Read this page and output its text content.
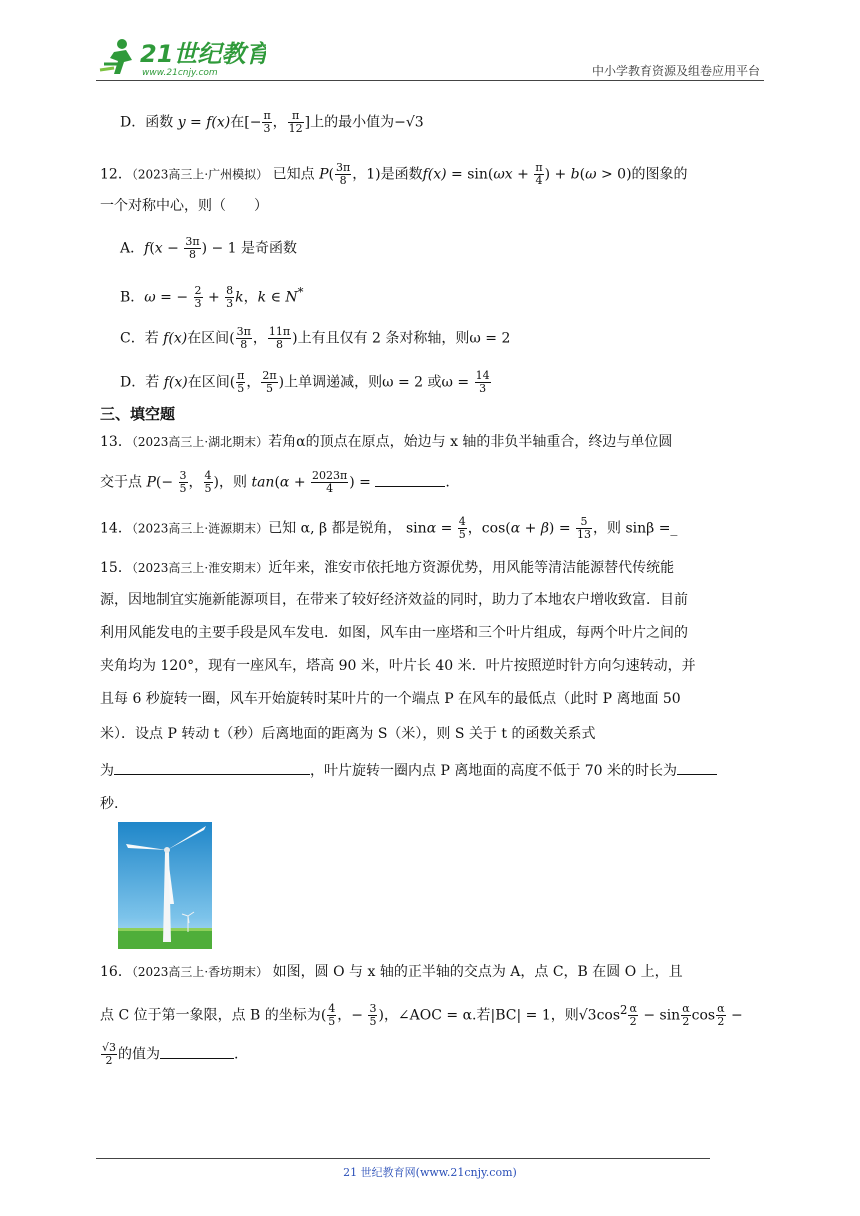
21世纪教育
www.21cnjy.com	中小学教育资源及组卷应用平台
D．函数 y = f(x)在[− $\frac{\pi}{3}$ ， $\frac{\pi}{12}$ ]上的最小值为−√3
12．（2023高三上·广州模拟） 已知点 $P( \frac{3\pi}{8}$ ，1)是函数$f(x) = \sin(\omega x + \frac{\pi}{4}$ ) + b(ω > 0)的图象的
一个对称中心，则（　　）
A．$f(x - \frac{3\pi}{8}$ ) − 1 是奇函数
B．ω = − $\frac{2}{3} + \frac{8}{3}$ k，k ∈ N*
C．若 f(x)在区间( $\frac{3\pi}{8}$ ， $\frac{11\pi}{8}$ )上有且仅有 2 条对称轴，则ω = 2
D．若 f(x)在区间( $\frac{\pi}{5}$ ， $\frac{2\pi}{5}$ )上单调递减，则ω = 2 或$\omega = \frac{14}{3}$
三、填空题
13．（2023高三上·湖北期末）若角α的顶点在原点，始边与 x 轴的非负半轴重合，终边与单位圆
交于点 $P(- \frac{3}{5}$ ， $\frac{4}{5}$ )，则 $\tan(\alpha + \frac{2023\pi}{4}$ ) =	.
14．（2023高三上·涟源期末）已知 α, β 都是锐角， $\sin\alpha = \frac{4}{5}$ ，$\cos(\alpha + \beta) = \frac{5}{13}$ ，则 sinβ =_
15．（2023高三上·淮安期末）近年来，淮安市依托地方资源优势，用风能等清洁能源替代传统能
源，因地制宜实施新能源项目，在带来了较好经济效益的同时，助力了本地农户增收致富．目前
利用风能发电的主要手段是风车发电．如图，风车由一座塔和三个叶片组成，每两个叶片之间的
夹角均为 120°，现有一座风车，塔高 90 米，叶片长 40 米．叶片按照逆时针方向匀速转动，并
且每 6 秒旋转一圈，风车开始旋转时某叶片的一个端点 P 在风车的最低点（此时 P 离地面 50
米）．设点 P 转动 t（秒）后离地面的距离为 S（米），则 S 关于 t 的函数关系式
为	，叶片旋转一圈内点 P 离地面的高度不低于 70 米的时长为
秒.
16．（2023高三上·香坊期末） 如图，圆 O 与 x 轴的正半轴的交点为 A，点 C，B 在圆 O 上，且
点 C 位于第一象限，点 B 的坐标为( $\frac{4}{5}$ ，− $\frac{3}{5}$ )，∠AOC = α.若|BC| = 1，则$√3\cos^2 \frac{\alpha}{2} - \sin \frac{\alpha}{2}$ $\cos \frac{\alpha}{2}$ −
$\frac{√3}{2}$ 的值为	.
21 世纪教育网(www.21cnjy.com)
